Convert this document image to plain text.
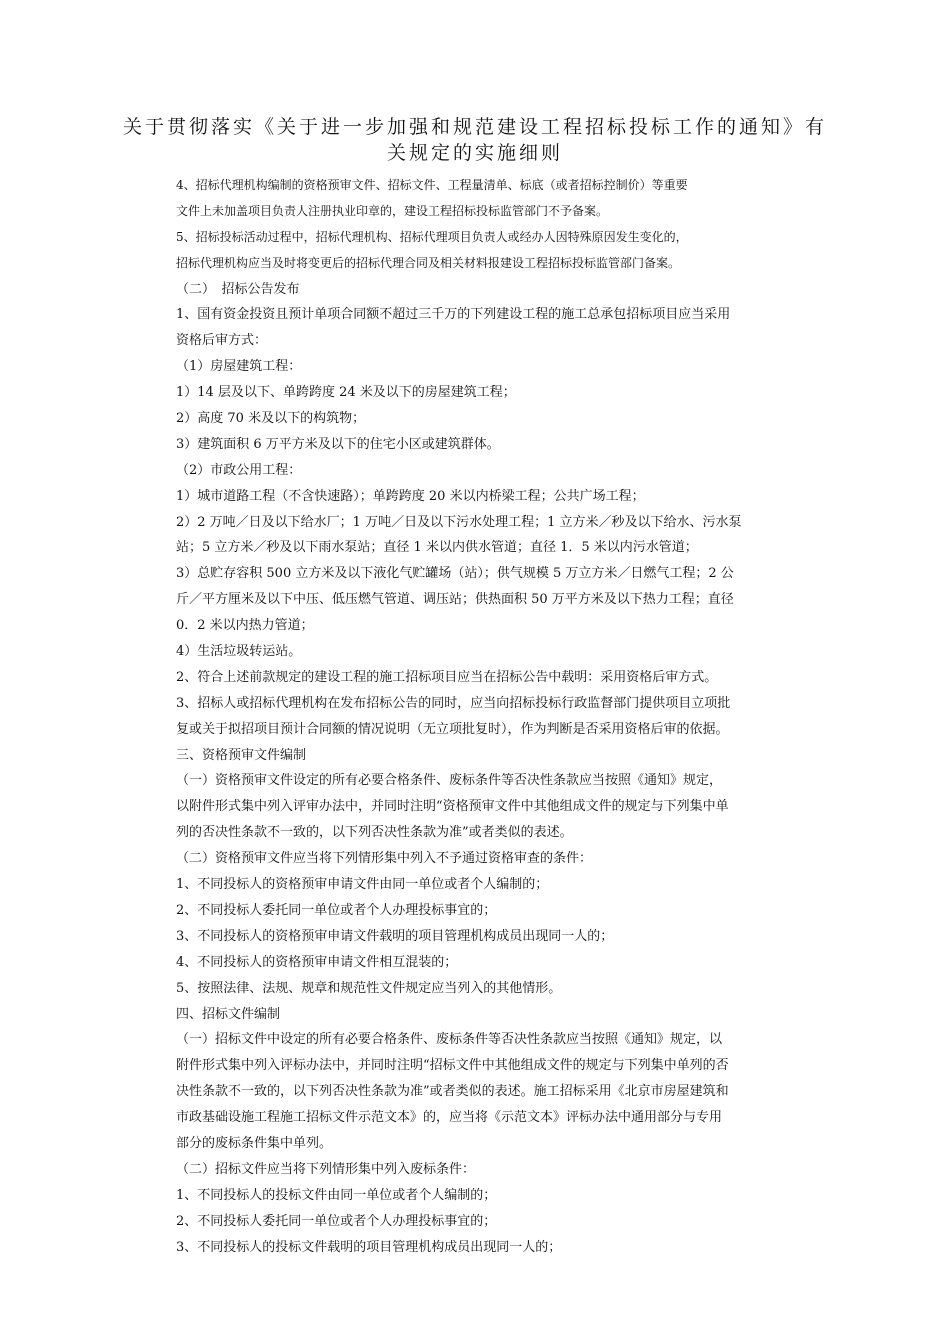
关于贯彻落实《关于进一步加强和规范建设工程招标投标工作的通知》有
关规定的实施细则
4、招标代理机构编制的资格预审文件、招标文件、工程量清单、标底（或者招标控制价）等重要
文件上未加盖项目负责人注册执业印章的，建设工程招标投标监管部门不予备案。
5、招标投标活动过程中，招标代理机构、招标代理项目负责人或经办人因特殊原因发生变化的，
招标代理机构应当及时将变更后的招标代理合同及相关材料报建设工程招标投标监管部门备案。
（二）　招标公告发布
1、国有资金投资且预计单项合同额不超过三千万的下列建设工程的施工总承包招标项目应当采用
资格后审方式：
（1）房屋建筑工程：
1）14 层及以下、单跨跨度 24 米及以下的房屋建筑工程；
2）高度 70 米及以下的构筑物；
3）建筑面积 6 万平方米及以下的住宅小区或建筑群体。
（2）市政公用工程：
1）城市道路工程（不含快速路）；单跨跨度 20 米以内桥梁工程；公共广场工程；
2）2 万吨／日及以下给水厂；1 万吨／日及以下污水处理工程；1 立方米／秒及以下给水、污水泵
站；5 立方米／秒及以下雨水泵站；直径 1 米以内供水管道；直径 1．5 米以内污水管道；
3）总贮存容积 500 立方米及以下液化气贮罐场（站）；供气规模 5 万立方米／日燃气工程；2 公
斤／平方厘米及以下中压、低压燃气管道、调压站；供热面积 50 万平方米及以下热力工程；直径
0．2 米以内热力管道；
4）生活垃圾转运站。
2、符合上述前款规定的建设工程的施工招标项目应当在招标公告中载明：采用资格后审方式。
3、招标人或招标代理机构在发布招标公告的同时，应当向招标投标行政监督部门提供项目立项批
复或关于拟招项目预计合同额的情况说明（无立项批复时），作为判断是否采用资格后审的依据。
三、资格预审文件编制
（一）资格预审文件设定的所有必要合格条件、废标条件等否决性条款应当按照《通知》规定，
以附件形式集中列入评审办法中，并同时注明“资格预审文件中其他组成文件的规定与下列集中单
列的否决性条款不一致的，以下列否决性条款为准”或者类似的表述。
（二）资格预审文件应当将下列情形集中列入不予通过资格审查的条件：
1、不同投标人的资格预审申请文件由同一单位或者个人编制的；
2、不同投标人委托同一单位或者个人办理投标事宜的；
3、不同投标人的资格预审申请文件载明的项目管理机构成员出现同一人的；
4、不同投标人的资格预审申请文件相互混装的；
5、按照法律、法规、规章和规范性文件规定应当列入的其他情形。
四、招标文件编制
（一）招标文件中设定的所有必要合格条件、废标条件等否决性条款应当按照《通知》规定，以
附件形式集中列入评标办法中，并同时注明“招标文件中其他组成文件的规定与下列集中单列的否
决性条款不一致的，以下列否决性条款为准”或者类似的表述。施工招标采用《北京市房屋建筑和
市政基础设施工程施工招标文件示范文本》的，应当将《示范文本》评标办法中通用部分与专用
部分的废标条件集中单列。
（二）招标文件应当将下列情形集中列入废标条件：
1、不同投标人的投标文件由同一单位或者个人编制的；
2、不同投标人委托同一单位或者个人办理投标事宜的；
3、不同投标人的投标文件载明的项目管理机构成员出现同一人的；
